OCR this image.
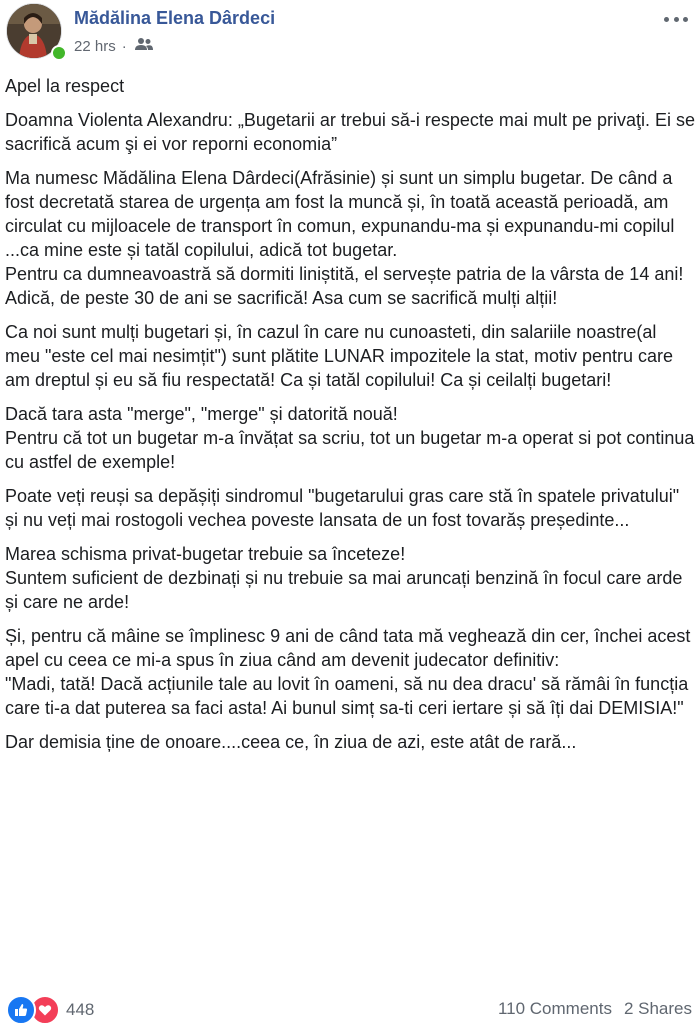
Mădălina Elena Dârdeci
22 hrs ·

Apel la respect

Doamna Violenta Alexandru: „Bugetarii ar trebui să-i respecte mai mult pe privaţi. Ei se sacrifică acum şi ei vor reporni economia”

Ma numesc Mădălina Elena Dârdeci(Afrăsinie) și sunt un simplu bugetar. De când a fost decretată starea de urgența am fost la muncă și, în toată această perioadă, am circulat cu mijloacele de transport în comun, expunandu-ma și expunandu-mi copilul ...ca mine este și tatăl copilului, adică tot bugetar.
Pentru ca dumneavoastră să dormiti liniștită, el servește patria de la vârsta de 14 ani! Adică, de peste 30 de ani se sacrifică! Asa cum se sacrifică mulți alții!

Ca noi sunt mulți bugetari și, în cazul în care nu cunoasteti, din salariile noastre(al meu "este cel mai nesimțit") sunt plătite LUNAR impozitele la stat, motiv pentru care am dreptul și eu să fiu respectată! Ca și tatăl copilului! Ca și ceilalți bugetari!

Dacă tara asta "merge", "merge" și datorită nouă!
Pentru că tot un bugetar m-a învățat sa scriu, tot un bugetar m-a operat si pot continua cu astfel de exemple!

Poate veți reuși sa depășiți sindromul "bugetarului gras care stă în spatele privatului" și nu veți mai rostogoli vechea poveste lansata de un fost tovarăș președinte...

Marea schisma privat-bugetar trebuie sa înceteze!
Suntem suficient de dezbinați și nu trebuie sa mai aruncați benzină în focul care arde și care ne arde!

Și, pentru că mâine se împlinesc 9 ani de când tata mă veghează din cer, închei acest apel cu ceea ce mi-a spus în ziua când am devenit judecator definitiv:
"Madi, tată! Dacă acțiunile tale au lovit în oameni, să nu dea dracu' să rămâi în funcția care ti-a dat puterea sa faci asta! Ai bunul simț sa-ti ceri iertare și să îți dai DEMISIA!"

Dar demisia ține de onoare....ceea ce, în ziua de azi, este atât de rară...

448	110 Comments 2 Shares
